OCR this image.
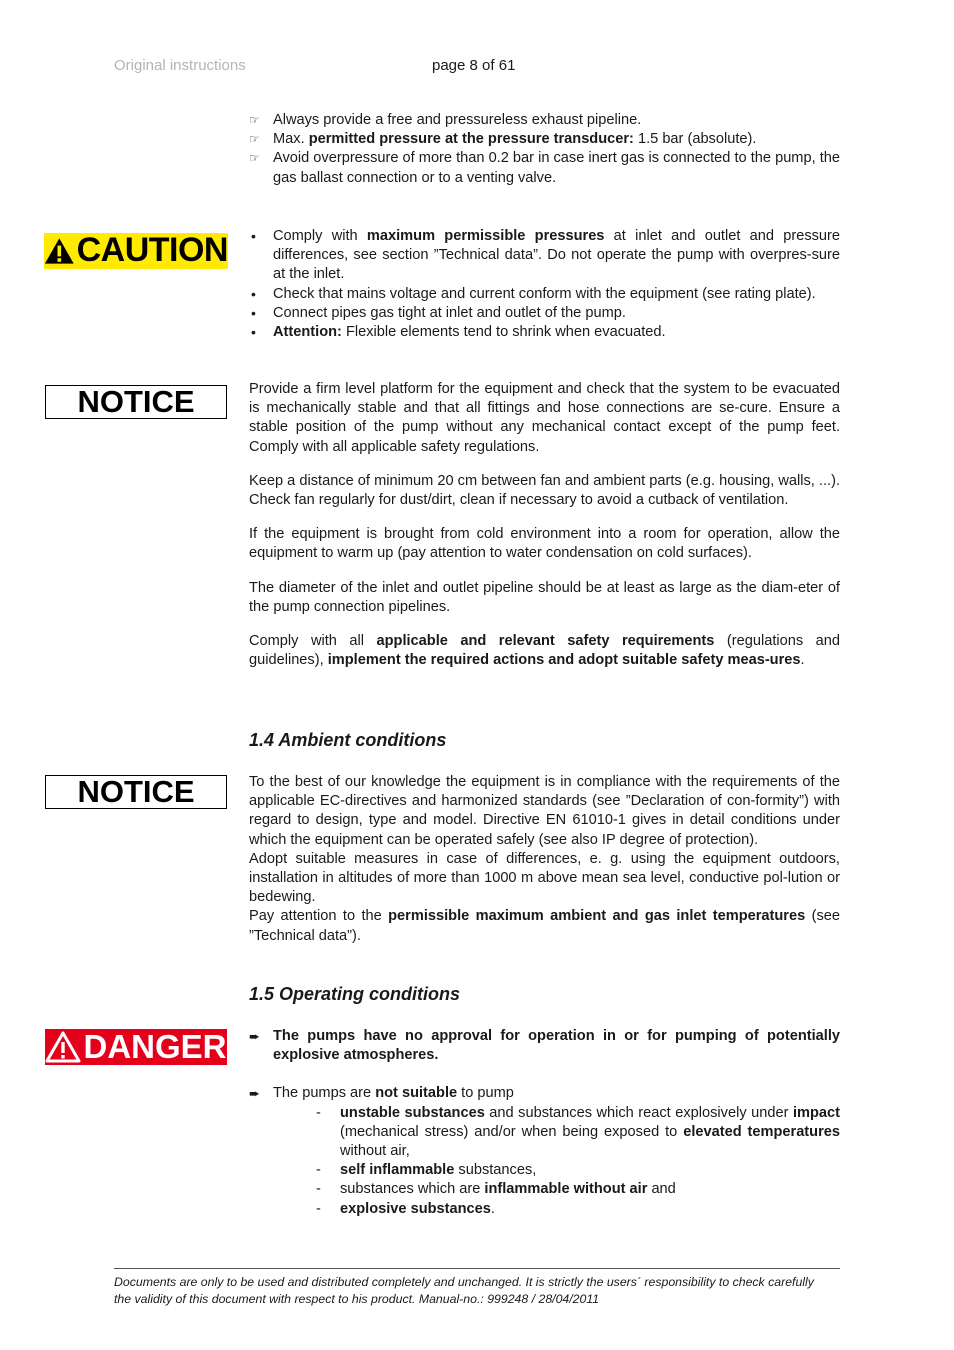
Original instructions	page 8 of 61

☞ Always provide a free and pressureless exhaust pipeline.

☞ Max. permitted pressure at the pressure transducer: 1.5 bar (absolute).

☞ Avoid overpressure of more than 0.2 bar in case inert gas is connected to the pump, the gas ballast connection or to a venting valve.

CAUTION • Comply with maximum permissible pressures at inlet and outlet and pressure differences, see section ”Technical data”. Do not operate the pump with overpres-sure at the inlet.

• Check that mains voltage and current conform with the equipment (see rating plate).

• Connect pipes gas tight at inlet and outlet of the pump.

• Attention: Flexible elements tend to shrink when evacuated.

NOTICE	Provide a firm level platform for the equipment and check that the system to be evacuated is mechanically stable and that all fittings and hose connections are se-cure. Ensure a stable position of the pump without any mechanical contact except of the pump feet. Comply with all applicable safety regulations.

Keep a distance of minimum 20 cm between fan and ambient parts (e.g. housing, walls, ...). Check fan regularly for dust/dirt, clean if necessary to avoid a cutback of ventilation.

If the equipment is brought from cold environment into a room for operation, allow the equipment to warm up (pay attention to water condensation on cold surfaces).

The diameter of the inlet and outlet pipeline should be at least as large as the diam-eter of the pump connection pipelines.

Comply with all applicable and relevant safety requirements (regulations and guidelines), implement the required actions and adopt suitable safety meas-ures.

1.4 Ambient conditions
NOTICE	To the best of our knowledge the equipment is in compliance with the requirements of the applicable EC-directives and harmonized standards (see ”Declaration of con-formity”) with regard to design, type and model. Directive EN 61010-1 gives in detail conditions under which the equipment can be operated safely (see also IP degree of protection).

Adopt suitable measures in case of differences, e. g. using the equipment outdoors, installation in altitudes of more than 1000 m above mean sea level, conductive pol-lution or bedewing.

Pay attention to the permissible maximum ambient and gas inlet temperatures (see ”Technical data”).

1.5 Operating conditions
DANGER ➨ The pumps have no approval for operation in or for pumping of potentially explosive atmospheres.

➨ The pumps are not suitable to pump

- unstable substances and substances which react explosively under impact (mechanical stress) and/or when being exposed to elevated temperatures without air,

- self inflammable substances,

- substances which are inflammable without air and

- explosive substances.

Documents are only to be used and distributed completely and unchanged. It is strictly the users´ responsibility to check carefully
the validity of this document with respect to his product. Manual-no.: 999248 / 28/04/2011
